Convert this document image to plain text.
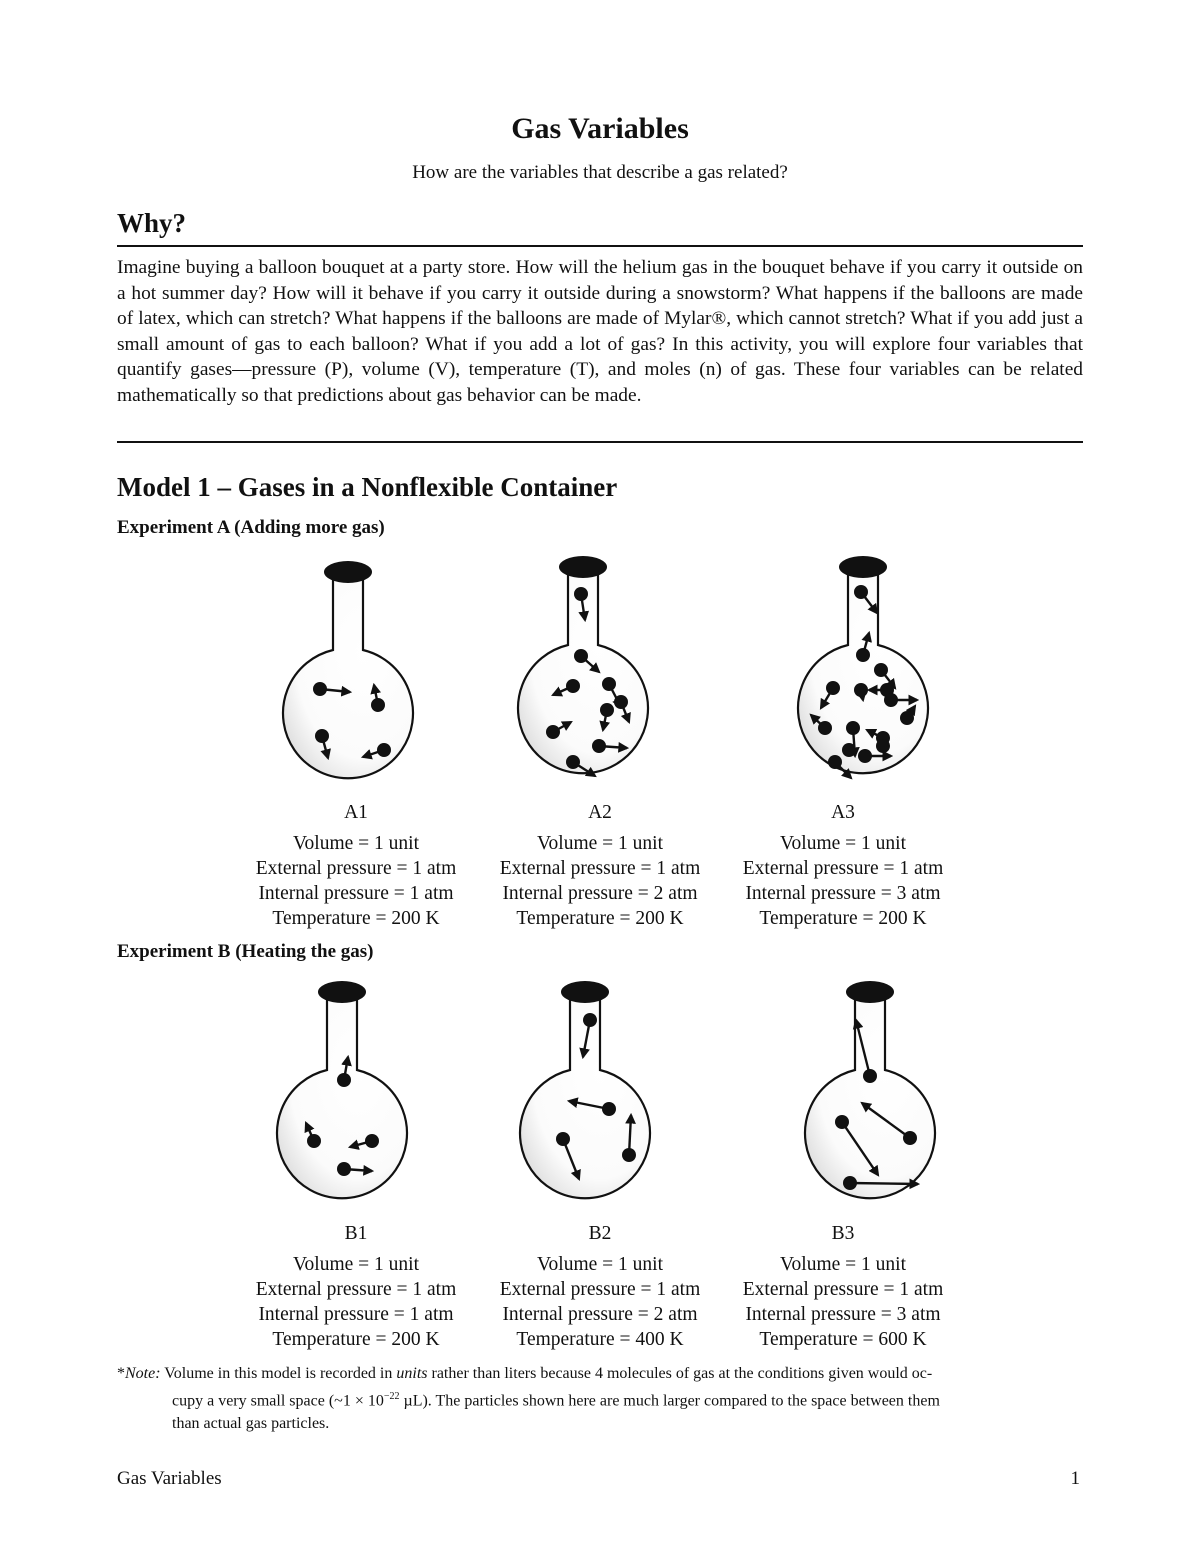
Gas Variables
How are the variables that describe a gas related?
Why?
Imagine buying a balloon bouquet at a party store. How will the helium gas in the bouquet behave if you carry it outside on a hot summer day? How will it behave if you carry it outside during a snowstorm? What happens if the balloons are made of latex, which can stretch? What happens if the balloons are made of Mylar®, which cannot stretch? What if you add just a small amount of gas to each balloon? What if you add a lot of gas? In this activity, you will explore four variables that quantify gases—pressure (P), volume (V), temperature (T), and moles (n) of gas. These four variables can be related mathematically so that predictions about gas behavior can be made.
Model 1 – Gases in a Nonflexible Container
Experiment A (Adding more gas)
A1
Volume = 1 unit
External pressure = 1 atm
Internal pressure = 1 atm
Temperature = 200 K
A2
Volume = 1 unit
External pressure = 1 atm
Internal pressure = 2 atm
Temperature = 200 K
A3
Volume = 1 unit
External pressure = 1 atm
Internal pressure = 3 atm
Temperature = 200 K
Experiment B (Heating the gas)
B1
Volume = 1 unit
External pressure = 1 atm
Internal pressure = 1 atm
Temperature = 200 K
B2
Volume = 1 unit
External pressure = 1 atm
Internal pressure = 2 atm
Temperature = 400 K
B3
Volume = 1 unit
External pressure = 1 atm
Internal pressure = 3 atm
Temperature = 600 K
*Note: Volume in this model is recorded in units rather than liters because 4 molecules of gas at the conditions given would oc-
cupy a very small space (~1 × $10^{-22}$ µL). The particles shown here are much larger compared to the space between them
than actual gas particles.
Gas Variables	1
